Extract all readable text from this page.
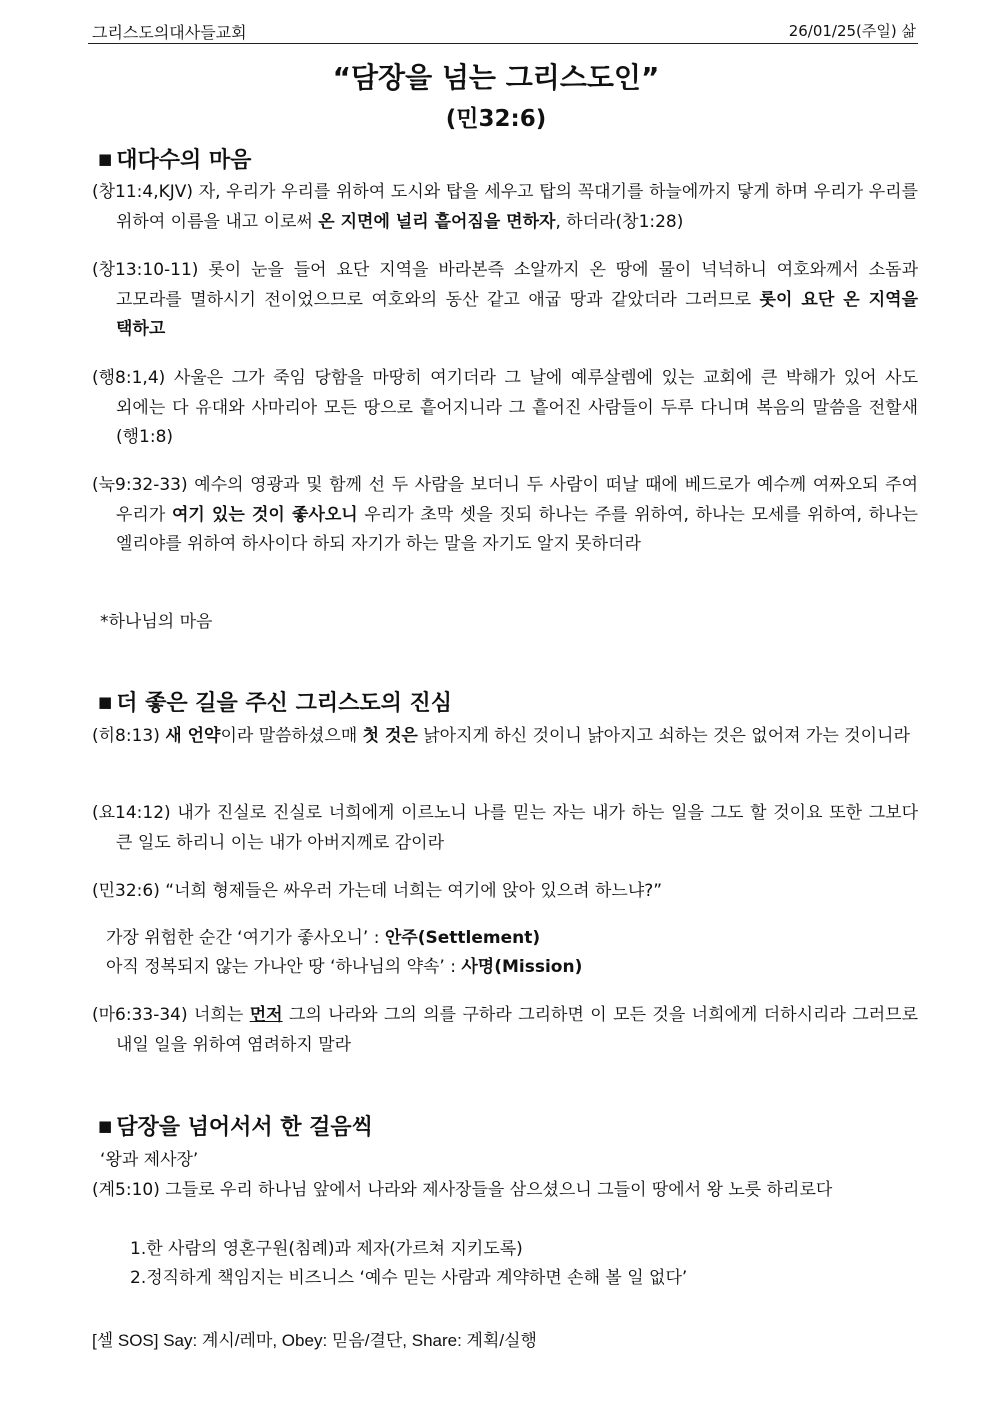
그리스도의대사들교회	26/01/25(주일) 삶
“담장을 넘는 그리스도인”
(민32:6)
■ 대다수의 마음
(창11:4,KJV) 자, 우리가 우리를 위하여 도시와 탑을 세우고 탑의 꼭대기를 하늘에까지 닿게 하며 우리가 우리를 위하여 이름을 내고 이로써 온 지면에 널리 흩어짐을 면하자, 하더라(창1:28)
(창13:10-11) 롯이 눈을 들어 요단 지역을 바라본즉 소알까지 온 땅에 물이 넉넉하니 여호와께서 소돔과 고모라를 멸하시기 전이었으므로 여호와의 동산 같고 애굽 땅과 같았더라 그러므로 롯이 요단 온 지역을 택하고
(행8:1,4) 사울은 그가 죽임 당함을 마땅히 여기더라 그 날에 예루살렘에 있는 교회에 큰 박해가 있어 사도 외에는 다 유대와 사마리아 모든 땅으로 흩어지니라 그 흩어진 사람들이 두루 다니며 복음의 말씀을 전할새(행1:8)
(눅9:32-33) 예수의 영광과 및 함께 선 두 사람을 보더니 두 사람이 떠날 때에 베드로가 예수께 여짜오되 주여 우리가 여기 있는 것이 좋사오니 우리가 초막 셋을 짓되 하나는 주를 위하여, 하나는 모세를 위하여, 하나는 엘리야를 위하여 하사이다 하되 자기가 하는 말을 자기도 알지 못하더라
*하나님의 마음
■ 더 좋은 길을 주신 그리스도의 진심
(히8:13) 새 언약이라 말씀하셨으매 첫 것은 낡아지게 하신 것이니 낡아지고 쇠하는 것은 없어져 가는 것이니라
(요14:12) 내가 진실로 진실로 너희에게 이르노니 나를 믿는 자는 내가 하는 일을 그도 할 것이요 또한 그보다 큰 일도 하리니 이는 내가 아버지께로 감이라
(민32:6) “너희 형제들은 싸우러 가는데 너희는 여기에 앉아 있으려 하느냐?”
가장 위험한 순간 ‘여기가 좋사오니’ : 안주(Settlement)
아직 정복되지 않는 가나안 땅 ‘하나님의 약속’ : 사명(Mission)
(마6:33-34) 너희는 먼저 그의 나라와 그의 의를 구하라 그리하면 이 모든 것을 너희에게 더하시리라 그러므로 내일 일을 위하여 염려하지 말라
■ 담장을 넘어서서 한 걸음씩
‘왕과 제사장’
(계5:10) 그들로 우리 하나님 앞에서 나라와 제사장들을 삼으셨으니 그들이 땅에서 왕 노릇 하리로다
1.한 사람의 영혼구원(침례)과 제자(가르쳐 지키도록)
2.정직하게 책임지는 비즈니스 ‘예수 믿는 사람과 계약하면 손해 볼 일 없다’
[셀 SOS] Say: 계시/레마, Obey: 믿음/결단, Share: 계획/실행
